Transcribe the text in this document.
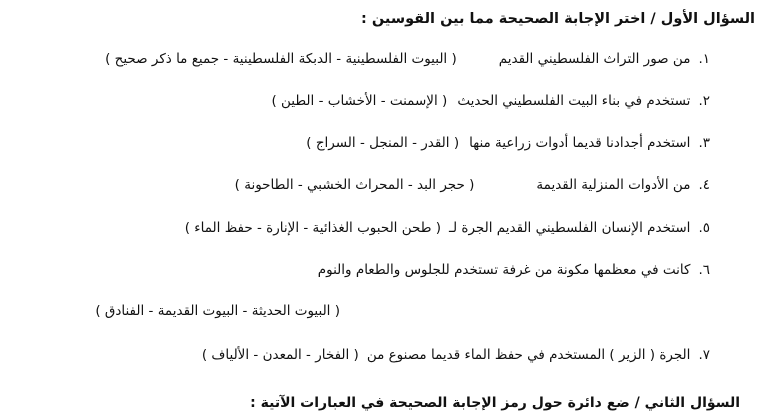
السؤال الأول / اختر الإجابة الصحيحة مما بين القوسين :
١.من صور التراث الفلسطيني القديم( البيوت الفلسطينية - الدبكة الفلسطينية - جميع ما ذكر صحيح )
٢.تستخدم في بناء البيت الفلسطيني الحديث( الإسمنت - الأخشاب - الطين )
٣.استخدم أجدادنا قديما أدوات زراعية منها( القدر - المنجل - السراج )
٤.من الأدوات المنزلية القديمة( حجر البد - المحراث الخشبي - الطاحونة )
٥.استخدم الإنسان الفلسطيني القديم الجرة لـ( طحن الحبوب الغذائية - الإنارة - حفظ الماء )
٦.كانت في معظمها مكونة من غرفة تستخدم للجلوس والطعام والنوم
( البيوت الحديثة - البيوت القديمة - الفنادق )
٧.الجرة ( الزير ) المستخدم في حفظ الماء قديما مصنوع من( الفخار - المعدن - الألياف )
السؤال الثاني / ضع دائرة حول رمز الإجابة الصحيحة في العبارات الآتية :
